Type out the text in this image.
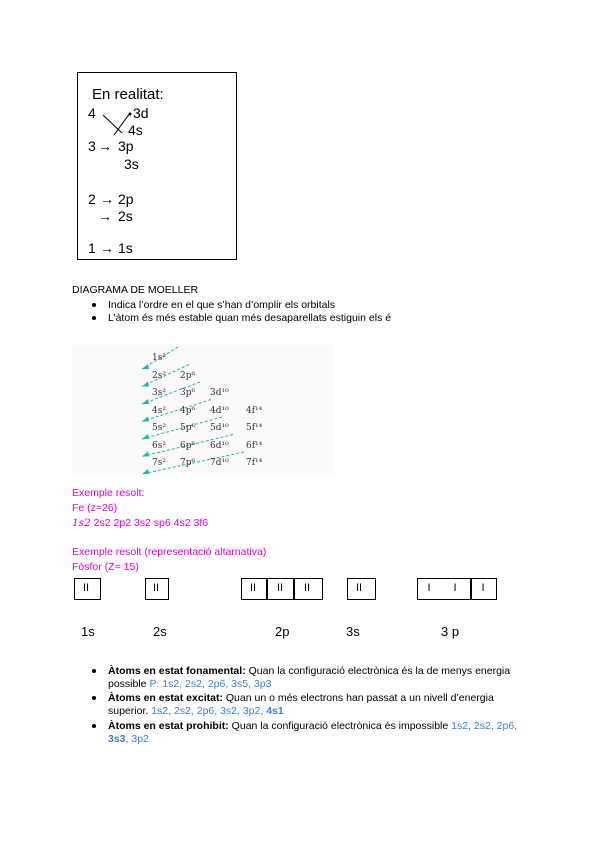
En realitat:
4	3d
4s
3 → 3p
3s
2 → 2p
→ 2s
1 → 1s
DIAGRAMA DE MOELLER
Indica l’ordre en el que s’han d’omplir els orbitals
L’àtom és més estable quan més desaparellats estiguin els é
1s²
2s² 2p⁶
3s² 3p⁶ 3d¹⁰
4s² 4p⁶ 4d¹⁰ 4f¹⁴
5s² 5p⁶ 5d¹⁰ 5f¹⁴
6s² 6p⁶ 6d¹⁰ 6f¹⁴
7s² 7p⁶ 7d¹⁰ 7f¹⁴
Exemple resolt:
Fe (z=26)
1s2 2s2 2p2 3s2 sp6 4s2 3f6
Exemple resolt (representació altarnativa)
Fòsfor (Z= 15)
II	II	II	II	II	II	I	I	I
1s	2s	2p	3s	3 p
Àtoms en estat fonamental: Quan la configuració electrònica és la de menys energia possible P: 1s2, 2s2, 2p6, 3s5, 3p3
Àtoms en estat excitat: Quan un o més electrons han passat a un nivell d’energia superior. 1s2, 2s2, 2p6, 3s2, 3p2, 4s1
Àtoms en estat prohibit: Quan la configuració electrònica és impossible 1s2, 2s2, 2p6, 3s3, 3p2
